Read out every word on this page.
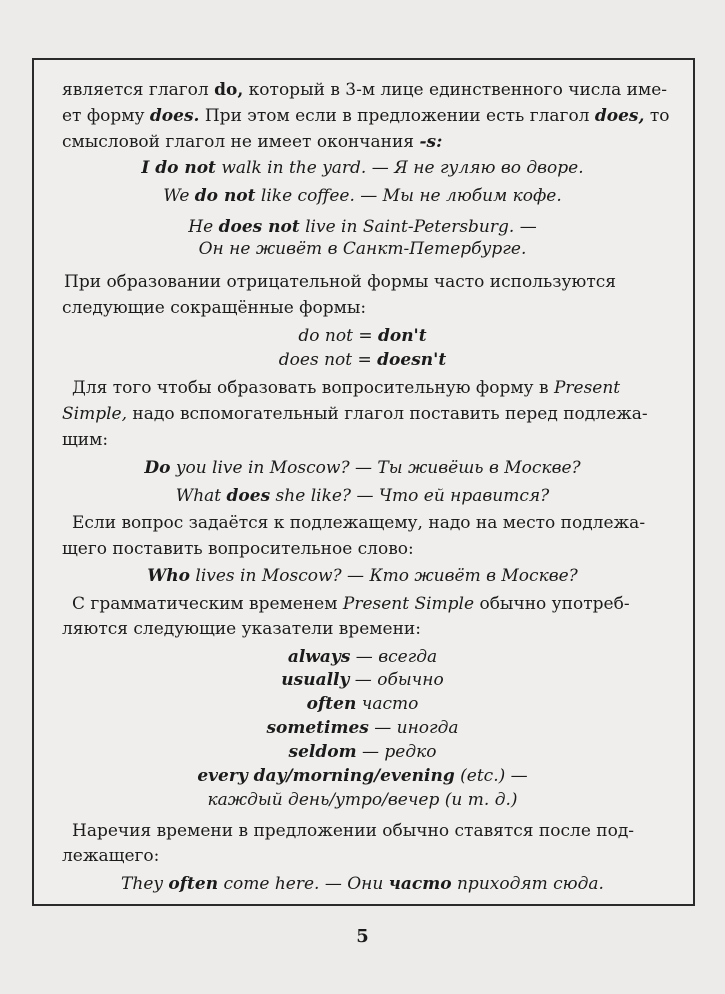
является глагол do, который в 3-м лице единственного числа име-

ет форму does. При этом если в предложении есть глагол does, то

смысловой глагол не имеет окончания -s:

I do not walk in the yard. — Я не гуляю во дворе.

We do not like coffee. — Мы не любим кофе.

He does not live in Saint-Petersburg. —

Он не живёт в Санкт-Петербурге.

При образовании отрицательной формы часто используются

следующие сокращённые формы:

do not = don't

does not = doesn't

Для того чтобы образовать вопросительную форму в Present

Simple, надо вспомогательный глагол поставить перед подлежа-

щим:

Do you live in Moscow? — Ты живёшь в Москве?

What does she like? — Что ей нравится?

Если вопрос задаётся к подлежащему, надо на место подлежа-

щего поставить вопросительное слово:

Who lives in Moscow? — Кто живёт в Москве?

С грамматическим временем Present Simple обычно употреб-

ляются следующие указатели времени:

always — всегда

usually — обычно

often часто

sometimes — иногда

seldom — редко

every day/morning/evening (etc.) —

каждый день/утро/вечер (и т. д.)

Наречия времени в предложении обычно ставятся после под-

лежащего:

They often come here. — Они часто приходят сюда.

5
